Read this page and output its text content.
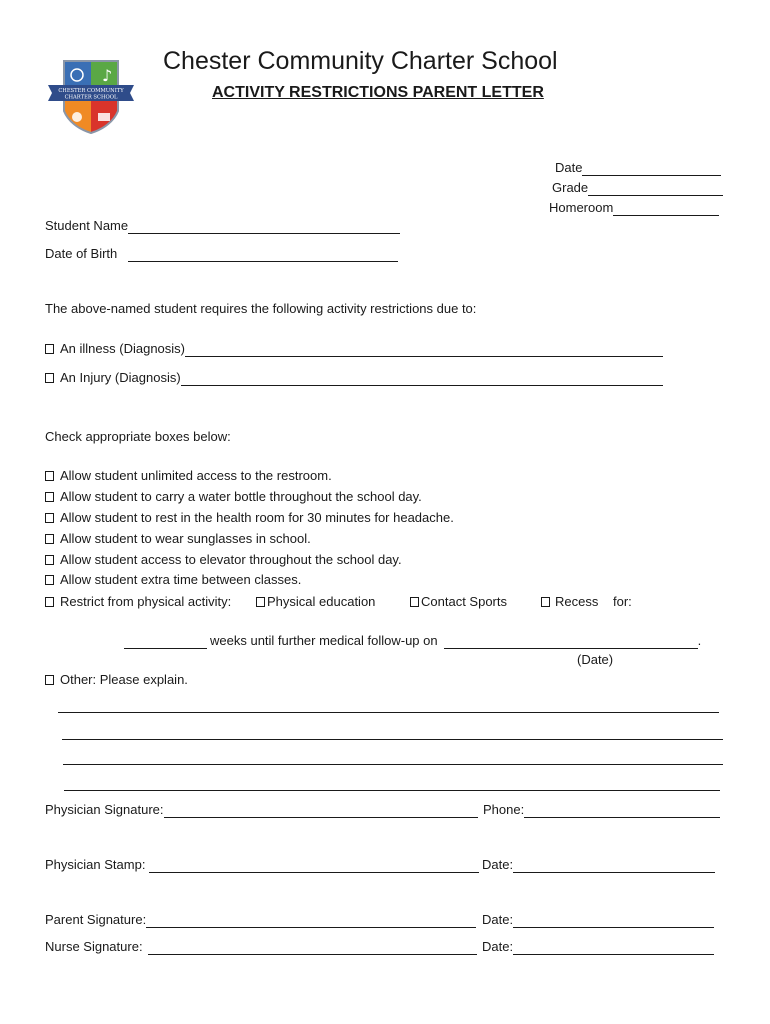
♪
CHESTER COMMUNITY
CHARTER SCHOOL
Chester Community Charter School
ACTIVITY RESTRICTIONS PARENT LETTER
Date
Grade
Homeroom
Student Name
Date of Birth
The above-named student requires the following activity restrictions due to:
An illness (Diagnosis)
An Injury (Diagnosis)
Check appropriate boxes below:
Allow student unlimited access to the restroom.
Allow student to carry a water bottle throughout the school day.
Allow student to rest in the health room for 30 minutes for headache.
Allow student to wear sunglasses in school.
Allow student access to elevator throughout the school day.
Allow student extra time between classes.
Restrict from physical activity:	Physical education	Contact Sports	Recess for:
weeks until further medical follow-up on	.
(Date)
Other: Please explain.
Physician Signature:	Phone:
Physician Stamp:	Date:
Parent Signature:	Date:
Nurse Signature:	Date:
